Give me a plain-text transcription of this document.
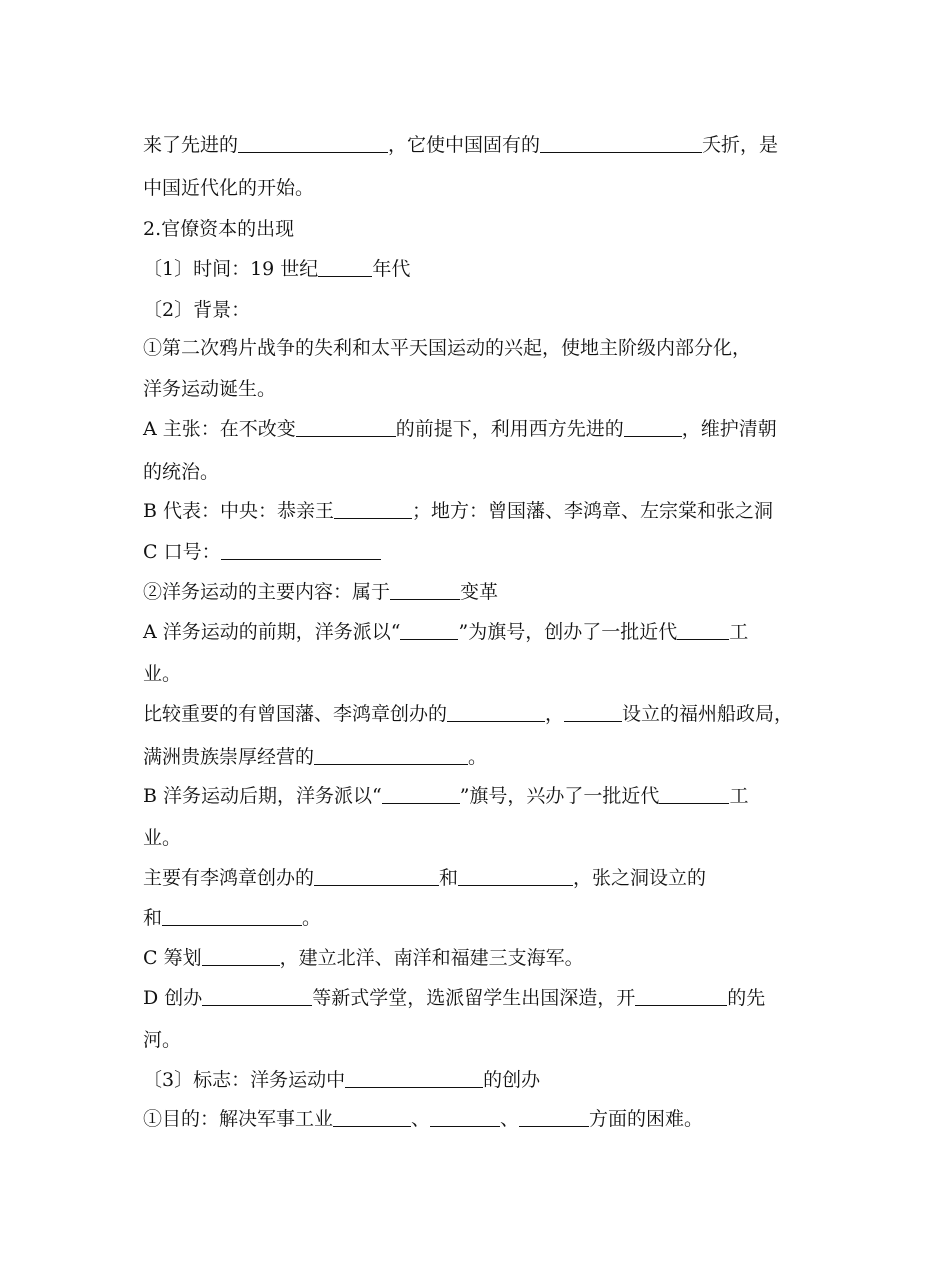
来了先进的	，它使中国固有的	夭折，是
中国近代化的开始。
2.官僚资本的出现
〔1〕时间：19 世纪	年代
〔2〕背景：
①第二次鸦片战争的失利和太平天国运动的兴起，使地主阶级内部分化，
洋务运动诞生。
A 主张：在不改变	的前提下，利用西方先进的	，维护清朝
的统治。
B 代表：中央：恭亲王	；地方：曾国藩、李鸿章、左宗棠和张之洞
C 口号：
②洋务运动的主要内容：属于	变革
A 洋务运动的前期，洋务派以“	”为旗号，创办了一批近代	工
业。
比较重要的有曾国藩、李鸿章创办的	，	设立的福州船政局，
满洲贵族崇厚经营的	。
B 洋务运动后期，洋务派以“	”旗号，兴办了一批近代	工
业。
主要有李鸿章创办的	和	，张之洞设立的
和	。
C 筹划	，建立北洋、南洋和福建三支海军。
D 创办	等新式学堂，选派留学生出国深造，开	的先
河。
〔3〕标志：洋务运动中	的创办
①目的：解决军事工业	、	、	方面的困难。
